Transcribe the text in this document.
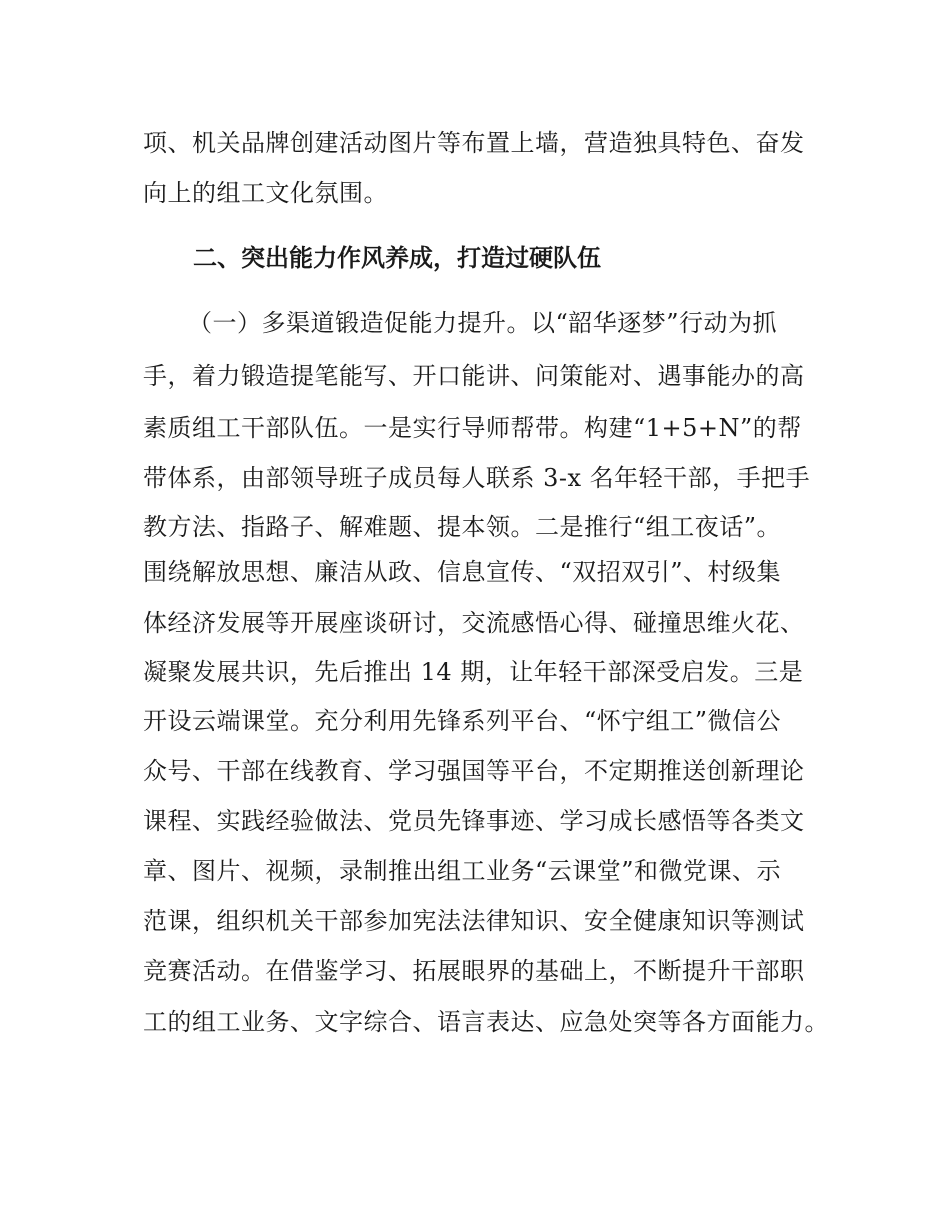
项、机关品牌创建活动图片等布置上墙，营造独具特色、奋发
向上的组工文化氛围。
二、突出能力作风养成，打造过硬队伍
（一）多渠道锻造促能力提升。以“韶华逐梦”行动为抓
手，着力锻造提笔能写、开口能讲、问策能对、遇事能办的高
素质组工干部队伍。一是实行导师帮带。构建“1+5+N”的帮
带体系，由部领导班子成员每人联系 3-x 名年轻干部，手把手
教方法、指路子、解难题、提本领。二是推行“组工夜话”。
围绕解放思想、廉洁从政、信息宣传、“双招双引”、村级集
体经济发展等开展座谈研讨，交流感悟心得、碰撞思维火花、
凝聚发展共识，先后推出 14 期，让年轻干部深受启发。三是
开设云端课堂。充分利用先锋系列平台、“怀宁组工”微信公
众号、干部在线教育、学习强国等平台，不定期推送创新理论
课程、实践经验做法、党员先锋事迹、学习成长感悟等各类文
章、图片、视频，录制推出组工业务“云课堂”和微党课、示
范课，组织机关干部参加宪法法律知识、安全健康知识等测试
竞赛活动。在借鉴学习、拓展眼界的基础上，不断提升干部职
工的组工业务、文字综合、语言表达、应急处突等各方面能力。
